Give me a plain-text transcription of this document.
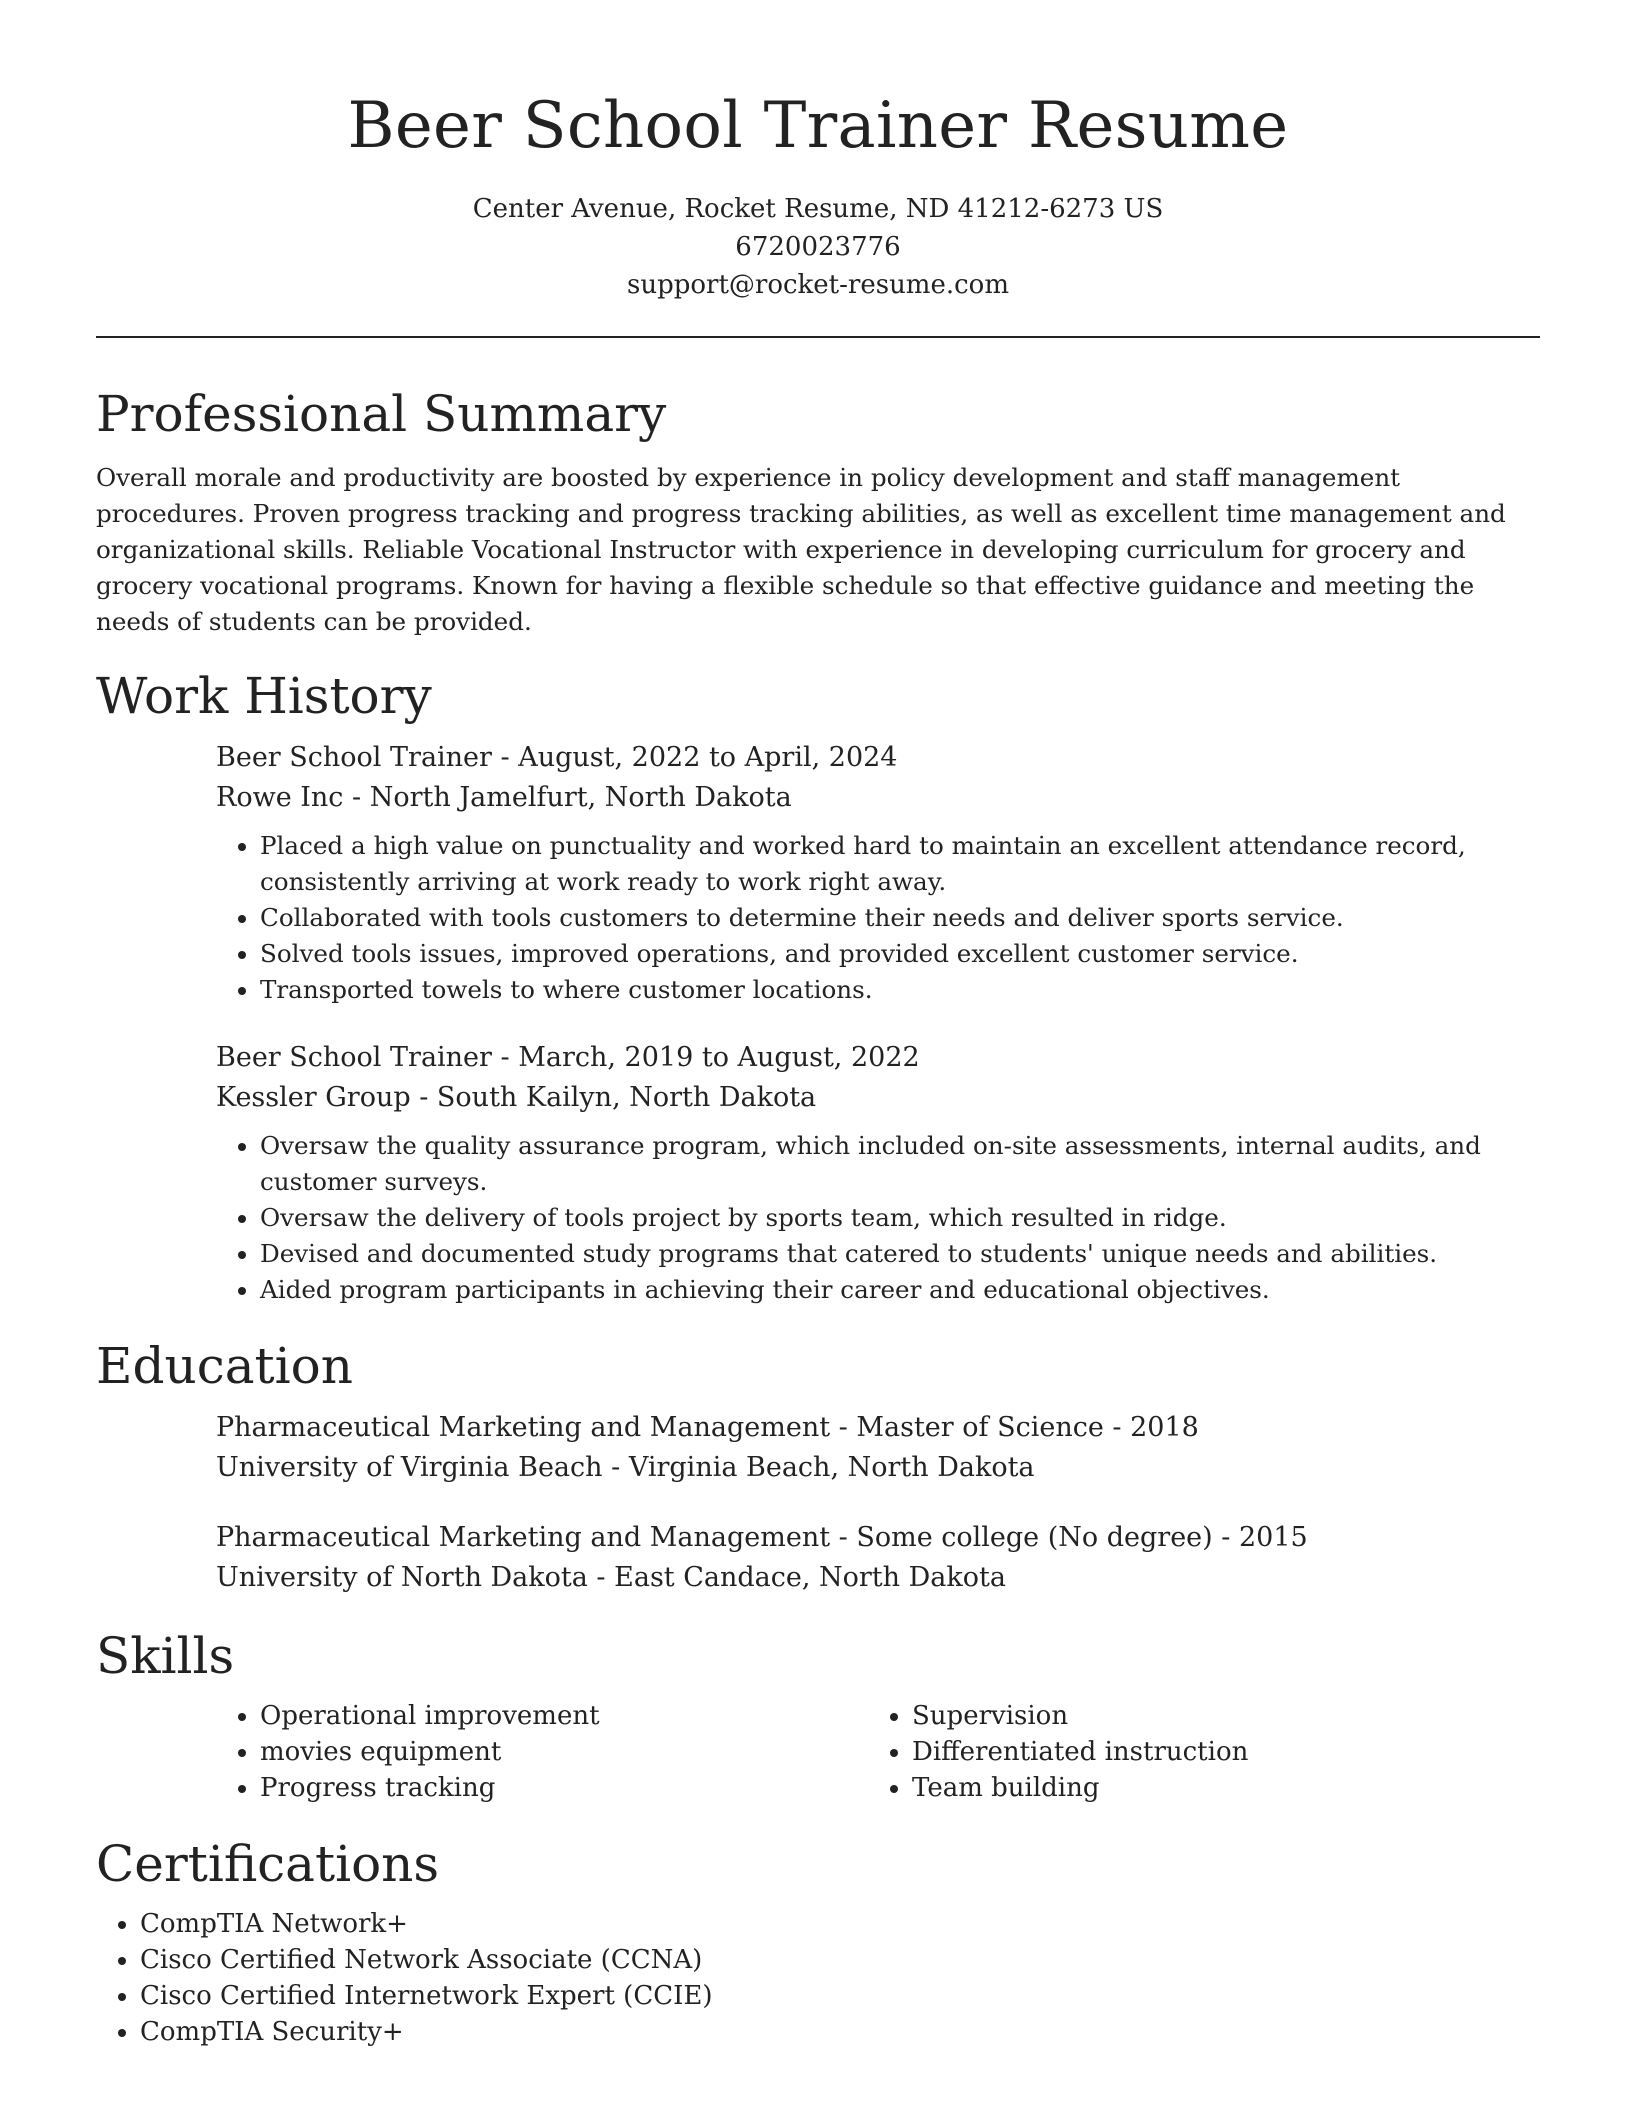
Beer School Trainer Resume

Center Avenue, Rocket Resume, ND 41212-6273 US

6720023776

support@rocket-resume.com

Professional Summary

Overall morale and productivity are boosted by experience in policy development and staff management procedures. Proven progress tracking and progress tracking abilities, as well as excellent time management and organizational skills. Reliable Vocational Instructor with experience in developing curriculum for grocery and grocery vocational programs. Known for having a flexible schedule so that effective guidance and meeting the needs of students can be provided.

Work History

Beer School Trainer - August, 2022 to April, 2024

Rowe Inc - North Jamelfurt, North Dakota

• Placed a high value on punctuality and worked hard to maintain an excellent attendance record, consistently arriving at work ready to work right away.
• Collaborated with tools customers to determine their needs and deliver sports service.
• Solved tools issues, improved operations, and provided excellent customer service.
• Transported towels to where customer locations.

Beer School Trainer - March, 2019 to August, 2022

Kessler Group - South Kailyn, North Dakota

• Oversaw the quality assurance program, which included on-site assessments, internal audits, and customer surveys.
• Oversaw the delivery of tools project by sports team, which resulted in ridge.
• Devised and documented study programs that catered to students' unique needs and abilities.
• Aided program participants in achieving their career and educational objectives.
Education

Pharmaceutical Marketing and Management - Master of Science - 2018

University of Virginia Beach - Virginia Beach, North Dakota

Pharmaceutical Marketing and Management - Some college (No degree) - 2015

University of North Dakota - East Candace, North Dakota

Skills
• Operational improvement
• movies equipment
• Progress tracking
• Supervision
• Differentiated instruction
• Team building
Certifications
• CompTIA Network+
• Cisco Certified Network Associate (CCNA)
• Cisco Certified Internetwork Expert (CCIE)
• CompTIA Security+
